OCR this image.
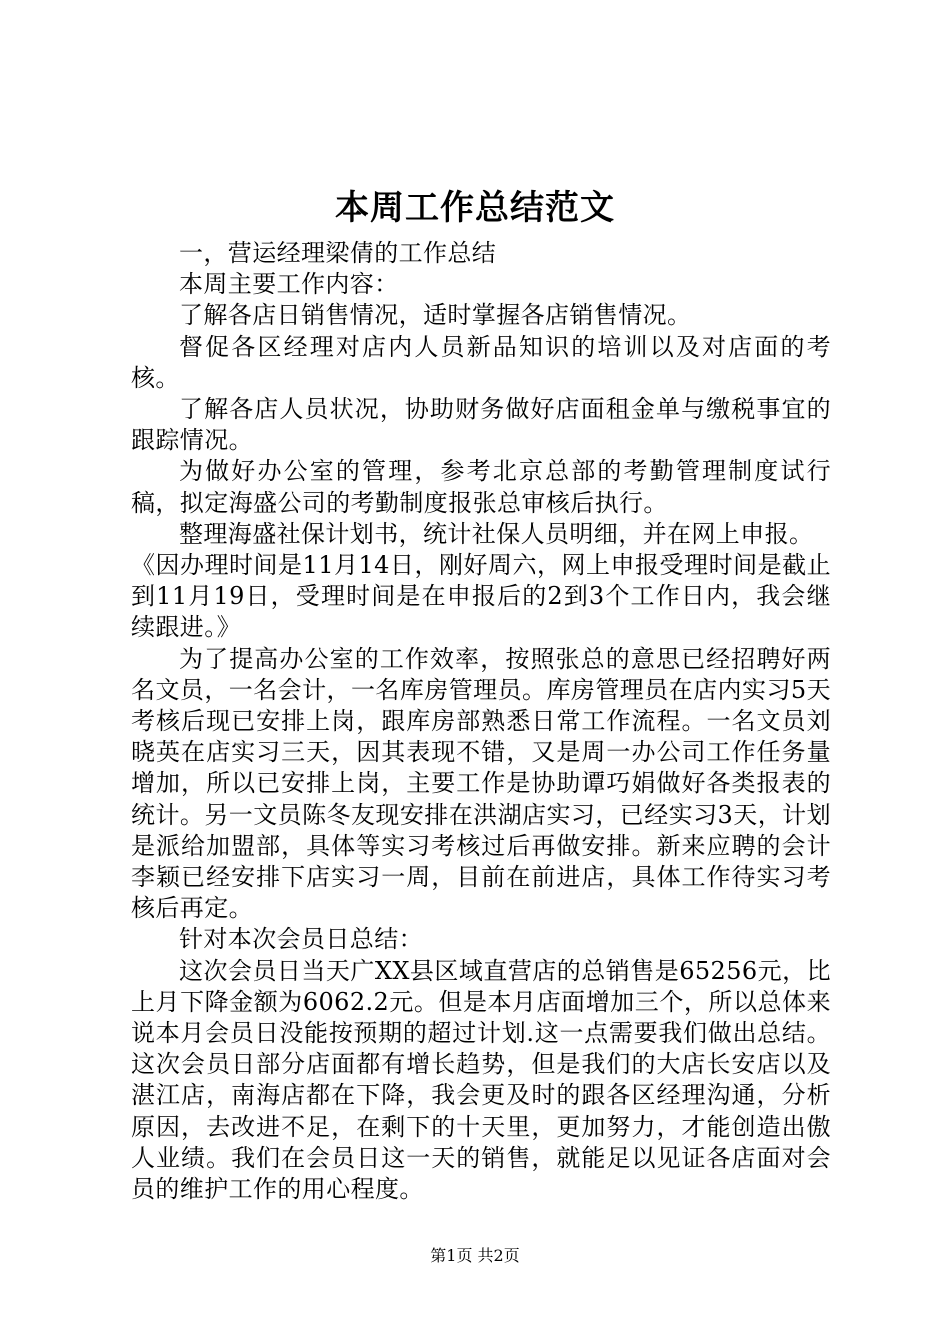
本周工作总结范文

一，营运经理梁倩的工作总结

本周主要工作内容：

了解各店日销售情况，适时掌握各店销售情况。

督促各区经理对店内人员新品知识的培训以及对店面的考核。

了解各店人员状况，协助财务做好店面租金单与缴税事宜的跟踪情况。

为做好办公室的管理，参考北京总部的考勤管理制度试行稿，拟定海盛公司的考勤制度报张总审核后执行。

整理海盛社保计划书，统计社保人员明细，并在网上申报。

《因办理时间是11月14日，刚好周六，网上申报受理时间是截止到11月19日，受理时间是在申报后的2到3个工作日内，我会继续跟进。》

为了提高办公室的工作效率，按照张总的意思已经招聘好两名文员，一名会计，一名库房管理员。库房管理员在店内实习5天考核后现已安排上岗，跟库房部熟悉日常工作流程。一名文员刘晓英在店实习三天，因其表现不错，又是周一办公司工作任务量增加，所以已安排上岗，主要工作是协助谭巧娟做好各类报表的统计。另一文员陈冬友现安排在洪湖店实习，已经实习3天，计划是派给加盟部，具体等实习考核过后再做安排。新来应聘的会计李颖已经安排下店实习一周，目前在前进店，具体工作待实习考核后再定。

针对本次会员日总结：

这次会员日当天广XX县区域直营店的总销售是65256元，比上月下降金额为6062.2元。但是本月店面增加三个，所以总体来说本月会员日没能按预期的超过计划.这一点需要我们做出总结。这次会员日部分店面都有增长趋势，但是我们的大店长安店以及湛江店，南海店都在下降，我会更及时的跟各区经理沟通，分析原因，去改进不足，在剩下的十天里，更加努力，才能创造出傲人业绩。我们在会员日这一天的销售，就能足以见证各店面对会员的维护工作的用心程度。

第1页 共2页
